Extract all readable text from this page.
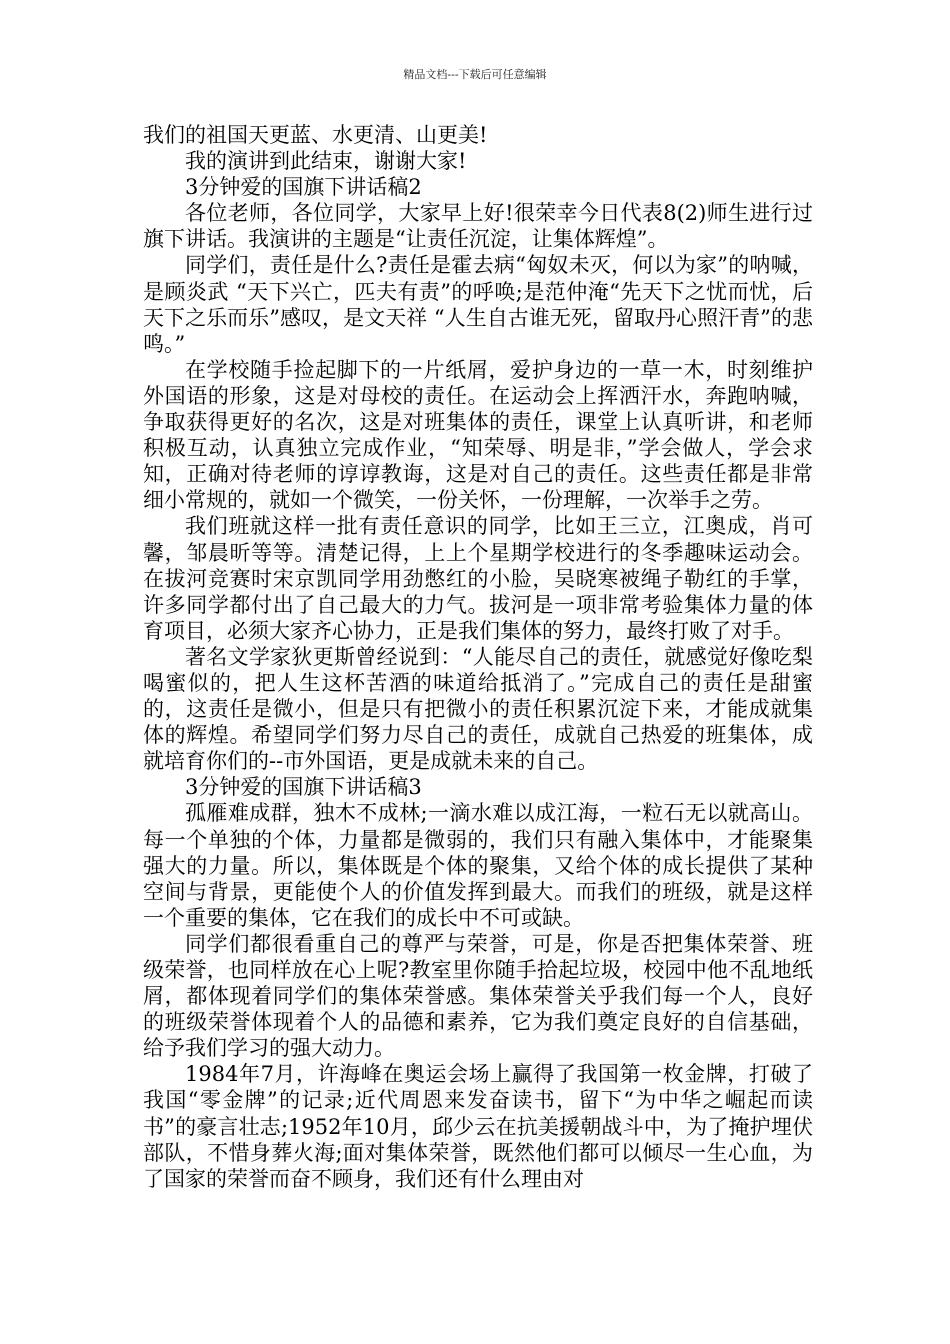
精品文档---下载后可任意编辑

我们的祖国天更蓝、水更清、山更美!

我的演讲到此结束，谢谢大家!

3分钟爱的国旗下讲话稿2

各位老师，各位同学，大家早上好!很荣幸今日代表8(2)师生进行过旗下讲话。我演讲的主题是“让责任沉淀，让集体辉煌”。

同学们，责任是什么?责任是霍去病“匈奴未灭，何以为家”的呐喊，是顾炎武 “天下兴亡，匹夫有责”的呼唤;是范仲淹“先天下之忧而忧，后天下之乐而乐”感叹，是文天祥 “人生自古谁无死，留取丹心照汗青”的悲鸣。”

在学校随手捡起脚下的一片纸屑，爱护身边的一草一木，时刻维护外国语的形象，这是对母校的责任。在运动会上挥洒汗水，奔跑呐喊，争取获得更好的名次，这是对班集体的责任，课堂上认真听讲，和老师积极互动，认真独立完成作业，“知荣辱、明是非，”学会做人，学会求知，正确对待老师的谆谆教诲，这是对自己的责任。这些责任都是非常细小常规的，就如一个微笑，一份关怀，一份理解，一次举手之劳。

我们班就这样一批有责任意识的同学，比如王三立，江奥成，肖可馨，邹晨昕等等。清楚记得，上上个星期学校进行的冬季趣味运动会。在拔河竞赛时宋京凯同学用劲憋红的小脸，吴晓寒被绳子勒红的手掌，许多同学都付出了自己最大的力气。拔河是一项非常考验集体力量的体育项目，必须大家齐心协力，正是我们集体的努力，最终打败了对手。

著名文学家狄更斯曾经说到：“人能尽自己的责任，就感觉好像吃梨喝蜜似的，把人生这杯苦酒的味道给抵消了。”完成自己的责任是甜蜜的，这责任是微小，但是只有把微小的责任积累沉淀下来，才能成就集体的辉煌。希望同学们努力尽自己的责任，成就自己热爱的班集体，成就培育你们的--市外国语，更是成就未来的自己。

3分钟爱的国旗下讲话稿3

孤雁难成群，独木不成林;一滴水难以成江海，一粒石无以就高山。每一个单独的个体，力量都是微弱的，我们只有融入集体中，才能聚集强大的力量。所以，集体既是个体的聚集，又给个体的成长提供了某种空间与背景，更能使个人的价值发挥到最大。而我们的班级，就是这样一个重要的集体，它在我们的成长中不可或缺。

同学们都很看重自己的尊严与荣誉，可是，你是否把集体荣誉、班级荣誉，也同样放在心上呢?教室里你随手拾起垃圾，校园中他不乱地纸屑，都体现着同学们的集体荣誉感。集体荣誉关乎我们每一个人，良好的班级荣誉体现着个人的品德和素养，它为我们奠定良好的自信基础，给予我们学习的强大动力。

1984年7月，许海峰在奥运会场上赢得了我国第一枚金牌，打破了我国“零金牌”的记录;近代周恩来发奋读书，留下“为中华之崛起而读书”的豪言壮志;1952年10月，邱少云在抗美援朝战斗中，为了掩护埋伏部队，不惜身葬火海;面对集体荣誉，既然他们都可以倾尽一生心血，为了国家的荣誉而奋不顾身，我们还有什么理由对
